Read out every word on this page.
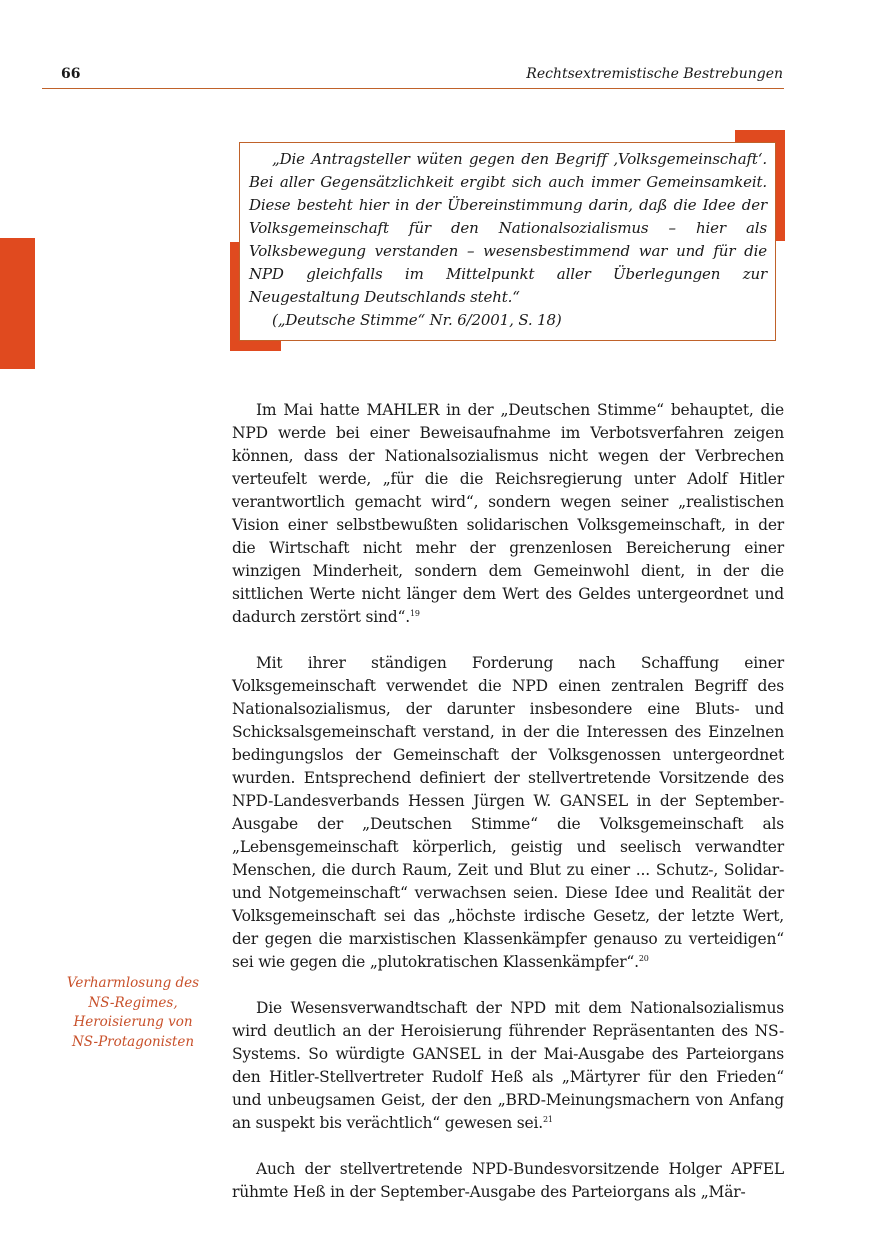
66	Rechtsextremistische Bestrebungen

„Die Antragsteller wüten gegen den Begriff ‚Volksgemeinschaft‘. Bei aller Gegensätzlichkeit ergibt sich auch immer Gemeinsamkeit. Diese besteht hier in der Übereinstimmung darin, daß die Idee der Volksgemeinschaft für den Nationalsozialismus – hier als Volksbewegung verstanden – wesensbestimmend war und für die NPD gleichfalls im Mittelpunkt aller Überlegungen zur Neugestaltung Deutschlands steht.“

(„Deutsche Stimme“ Nr. 6/2001, S. 18)

Im Mai hatte MAHLER in der „Deutschen Stimme“ behauptet, die NPD werde bei einer Beweisaufnahme im Verbotsverfahren zeigen können, dass der Nationalsozialismus nicht wegen der Verbrechen verteufelt werde, „für die die Reichsregierung unter Adolf Hitler verantwortlich gemacht wird“, sondern wegen seiner „realistischen Vision einer selbstbewußten solidarischen Volksgemeinschaft, in der die Wirtschaft nicht mehr der grenzenlosen Bereicherung einer winzigen Minderheit, sondern dem Gemeinwohl dient, in der die sittlichen Werte nicht länger dem Wert des Geldes untergeordnet und dadurch zerstört sind“.$^{19}$

Mit ihrer ständigen Forderung nach Schaffung einer Volksgemeinschaft verwendet die NPD einen zentralen Begriff des Nationalsozialismus, der darunter insbesondere eine Bluts- und Schicksalsgemeinschaft verstand, in der die Interessen des Einzelnen bedingungslos der Gemeinschaft der Volksgenossen untergeordnet wurden. Entsprechend definiert der stellvertretende Vorsitzende des NPD-Landesverbands Hessen Jürgen W. GANSEL in der September-Ausgabe der „Deutschen Stimme“ die Volksgemeinschaft als „Lebensgemeinschaft körperlich, geistig und seelisch verwandter Menschen, die durch Raum, Zeit und Blut zu einer ... Schutz-, Solidar- und Notgemeinschaft“ verwachsen seien. Diese Idee und Realität der Volksgemeinschaft sei das „höchste irdische Gesetz, der letzte Wert, der gegen die marxistischen Klassenkämpfer genauso zu verteidigen“ sei wie gegen die „plutokratischen Klassenkämpfer“.$^{20}$

Die Wesensverwandtschaft der NPD mit dem Nationalsozialismus wird deutlich an der Heroisierung führender Repräsentanten des NS-Systems. So würdigte GANSEL in der Mai-Ausgabe des Parteiorgans den Hitler-Stellvertreter Rudolf Heß als „Märtyrer für den Frieden“ und unbeugsamen Geist, der den „BRD-Meinungsmachern von Anfang an suspekt bis verächtlich“ gewesen sei.$^{21}$

Auch der stellvertretende NPD-Bundesvorsitzende Holger APFEL rühmte Heß in der September-Ausgabe des Parteiorgans als „Mär-

Verharmlosung des
NS-Regimes,
Heroisierung von
NS-Protagonisten
